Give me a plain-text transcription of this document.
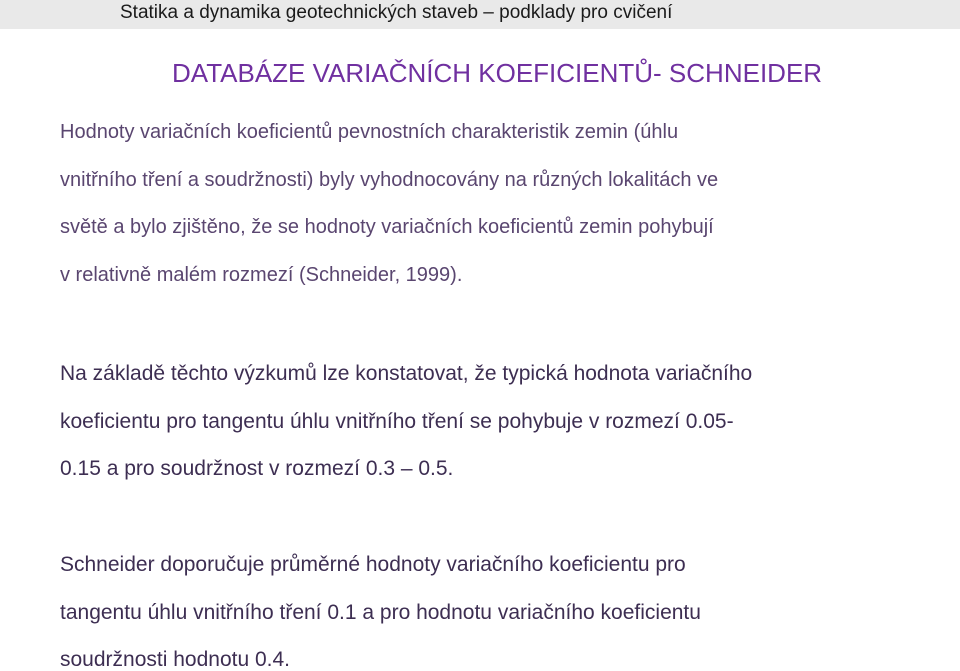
Statika a dynamika geotechnických staveb – podklady pro cvičení
DATABÁZE VARIAČNÍCH KOEFICIENTŮ- SCHNEIDER
Hodnoty variačních koeficientů pevnostních charakteristik zemin (úhlu
vnitřního tření a soudržnosti) byly vyhodnocovány na různých lokalitách ve
světě a bylo zjištěno, že se hodnoty variačních koeficientů zemin pohybují
v relativně malém rozmezí (Schneider, 1999).
Na základě těchto výzkumů lze konstatovat, že typická hodnota variačního
koeficientu pro tangentu úhlu vnitřního tření se pohybuje v rozmezí 0.05-
0.15 a pro soudržnost v rozmezí 0.3 – 0.5.
Schneider doporučuje průměrné hodnoty variačního koeficientu pro
tangentu úhlu vnitřního tření 0.1 a pro hodnotu variačního koeficientu
soudržnosti hodnotu 0.4.
